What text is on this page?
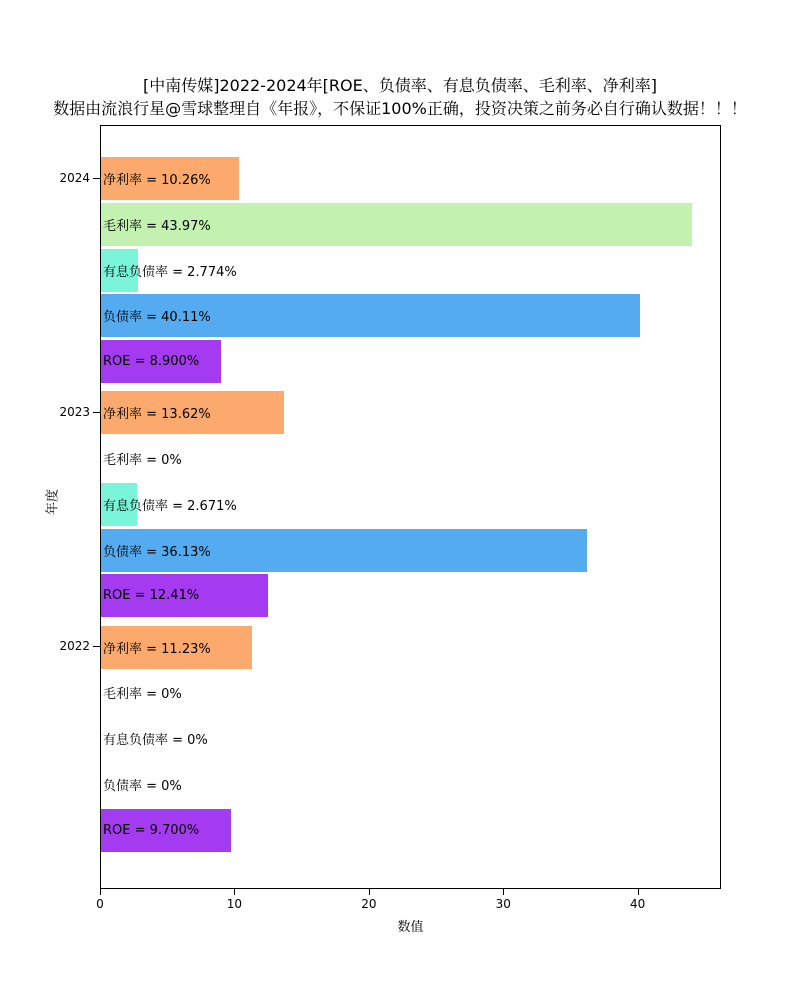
[中南传媒]2022-2024年[ROE、负债率、有息负债率、毛利率、净利率]
数据由流浪行星@雪球整理自《年报》，不保证100%正确，投资决策之前务必自行确认数据！！！
净利率 = 10.26%
毛利率 = 43.97%
有息负债率 = 2.774%
负债率 = 40.11%
ROE = 8.900%
净利率 = 13.62%
毛利率 = 0%
有息负债率 = 2.671%
负债率 = 36.13%
ROE = 12.41%
净利率 = 11.23%
毛利率 = 0%
有息负债率 = 0%
负债率 = 0%
ROE = 9.700%
2024
2023
2022
0	10	20	30	40
数值
年度
